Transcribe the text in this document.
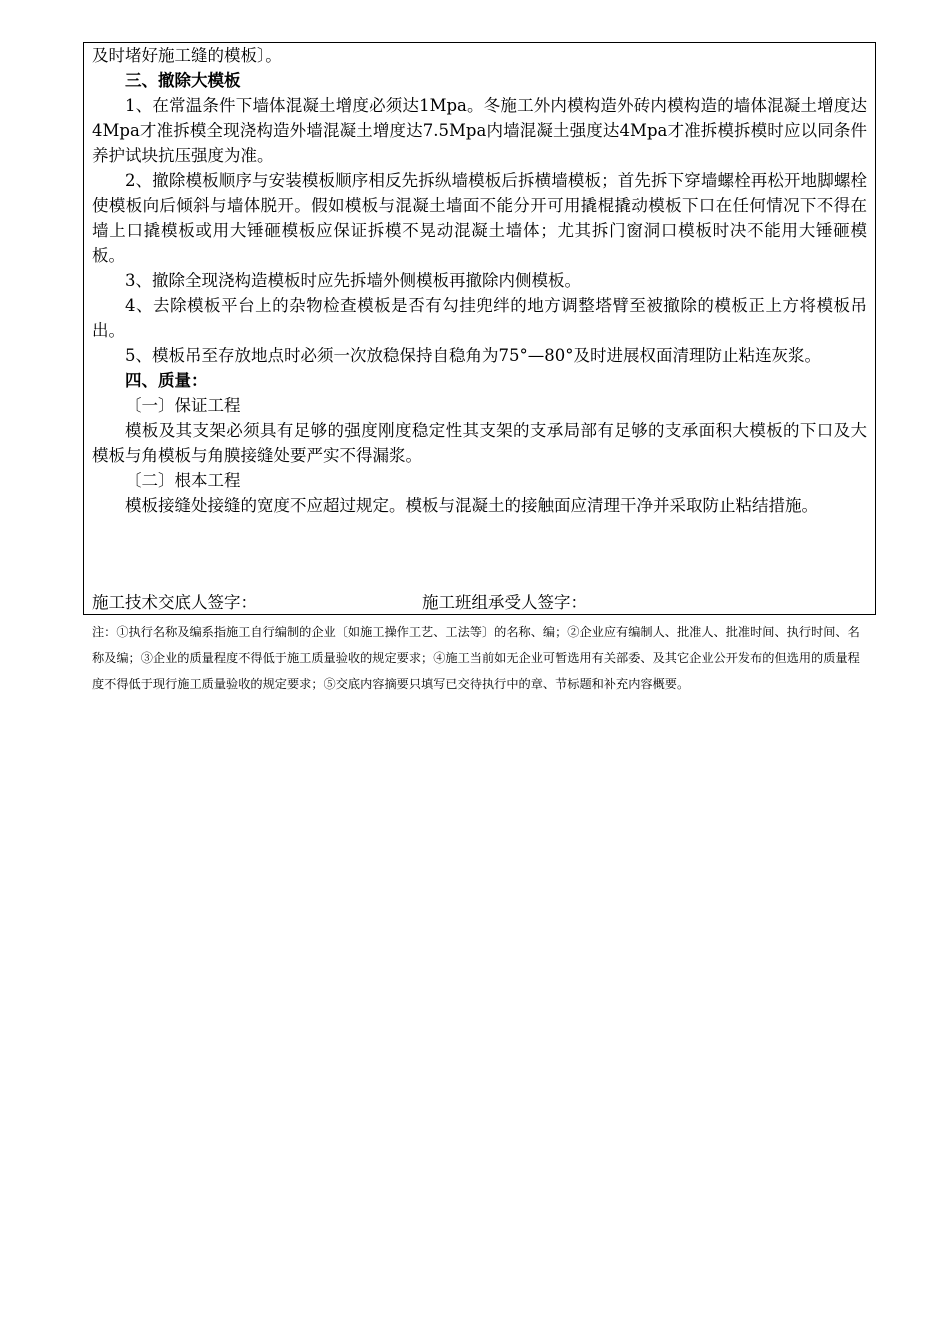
及时堵好施工缝的模板〕。

三、撤除大模板

1、在常温条件下墙体混凝土增度必须达1Mpa。冬施工外内模构造外砖内模构造的墙体混凝土增度达4Mpa才准拆模全现浇构造外墙混凝土增度达7.5Mpa内墙混凝土强度达4Mpa才准拆模拆模时应以同条件养护试块抗压强度为准。

2、撤除模板顺序与安装模板顺序相反先拆纵墙模板后拆横墙模板；首先拆下穿墙螺栓再松开地脚螺栓使模板向后倾斜与墙体脱开。假如模板与混凝土墙面不能分开可用撬棍撬动模板下口在任何情况下不得在墙上口撬模板或用大锤砸模板应保证拆模不晃动混凝土墙体；尤其拆门窗洞口模板时决不能用大锤砸模板。

3、撤除全现浇构造模板时应先拆墙外侧模板再撤除内侧模板。

4、去除模板平台上的杂物检查模板是否有勾挂兜绊的地方调整塔臂至被撤除的模板正上方将模板吊出。

5、模板吊至存放地点时必须一次放稳保持自稳角为75°—80°及时进展权面清理防止粘连灰浆。

四、质量：

〔一〕保证工程

模板及其支架必须具有足够的强度刚度稳定性其支架的支承局部有足够的支承面积大模板的下口及大模板与角模板与角膜接缝处要严实不得漏浆。

〔二〕根本工程

模板接缝处接缝的宽度不应超过规定。模板与混凝土的接触面应清理干净并采取防止粘结措施。

施工技术交底人签字：	施工班组承受人签字：

注：①执行名称及编系指施工自行编制的企业〔如施工操作工艺、工法等〕的名称、编；②企业应有编制人、批准人、批准时间、执行时间、名称及编；③企业的质量程度不得低于施工质量验收的规定要求；④施工当前如无企业可暂选用有关部委、及其它企业公开发布的但选用的质量程度不得低于现行施工质量验收的规定要求；⑤交底内容摘要只填写已交待执行中的章、节标题和补充内容概要。
